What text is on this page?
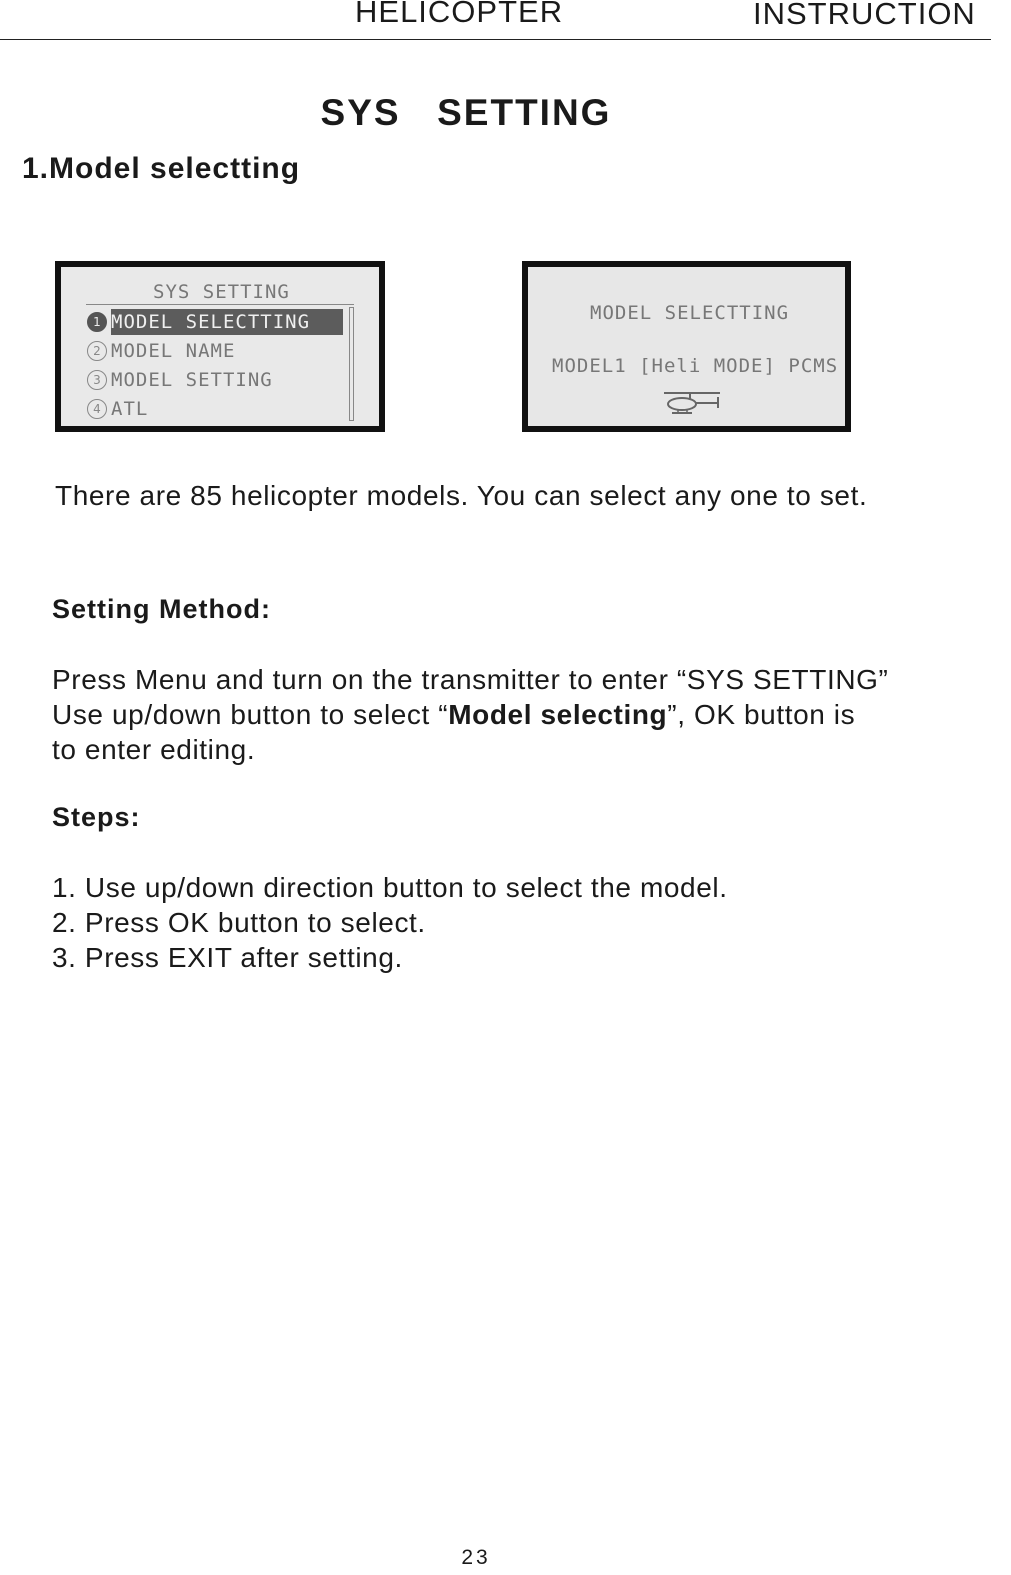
HELICOPTER	INSTRUCTION
SYS  SETTING
1.Model selectting
SYS SETTING
1 MODEL SELECTTING
2 MODEL NAME
3 MODEL SETTING
4 ATL
MODEL SELECTTING
MODEL1 [Heli MODE] PCMS
There are 85 helicopter models. You can select any one to set.
Setting Method:
Press Menu and turn on the transmitter to enter “SYS SETTING”
Use up/down button to select “Model selecting”, OK button is
to enter editing.
Steps:
1. Use up/down direction button to select the model.
2. Press OK button to select.
3. Press EXIT after setting.
23
